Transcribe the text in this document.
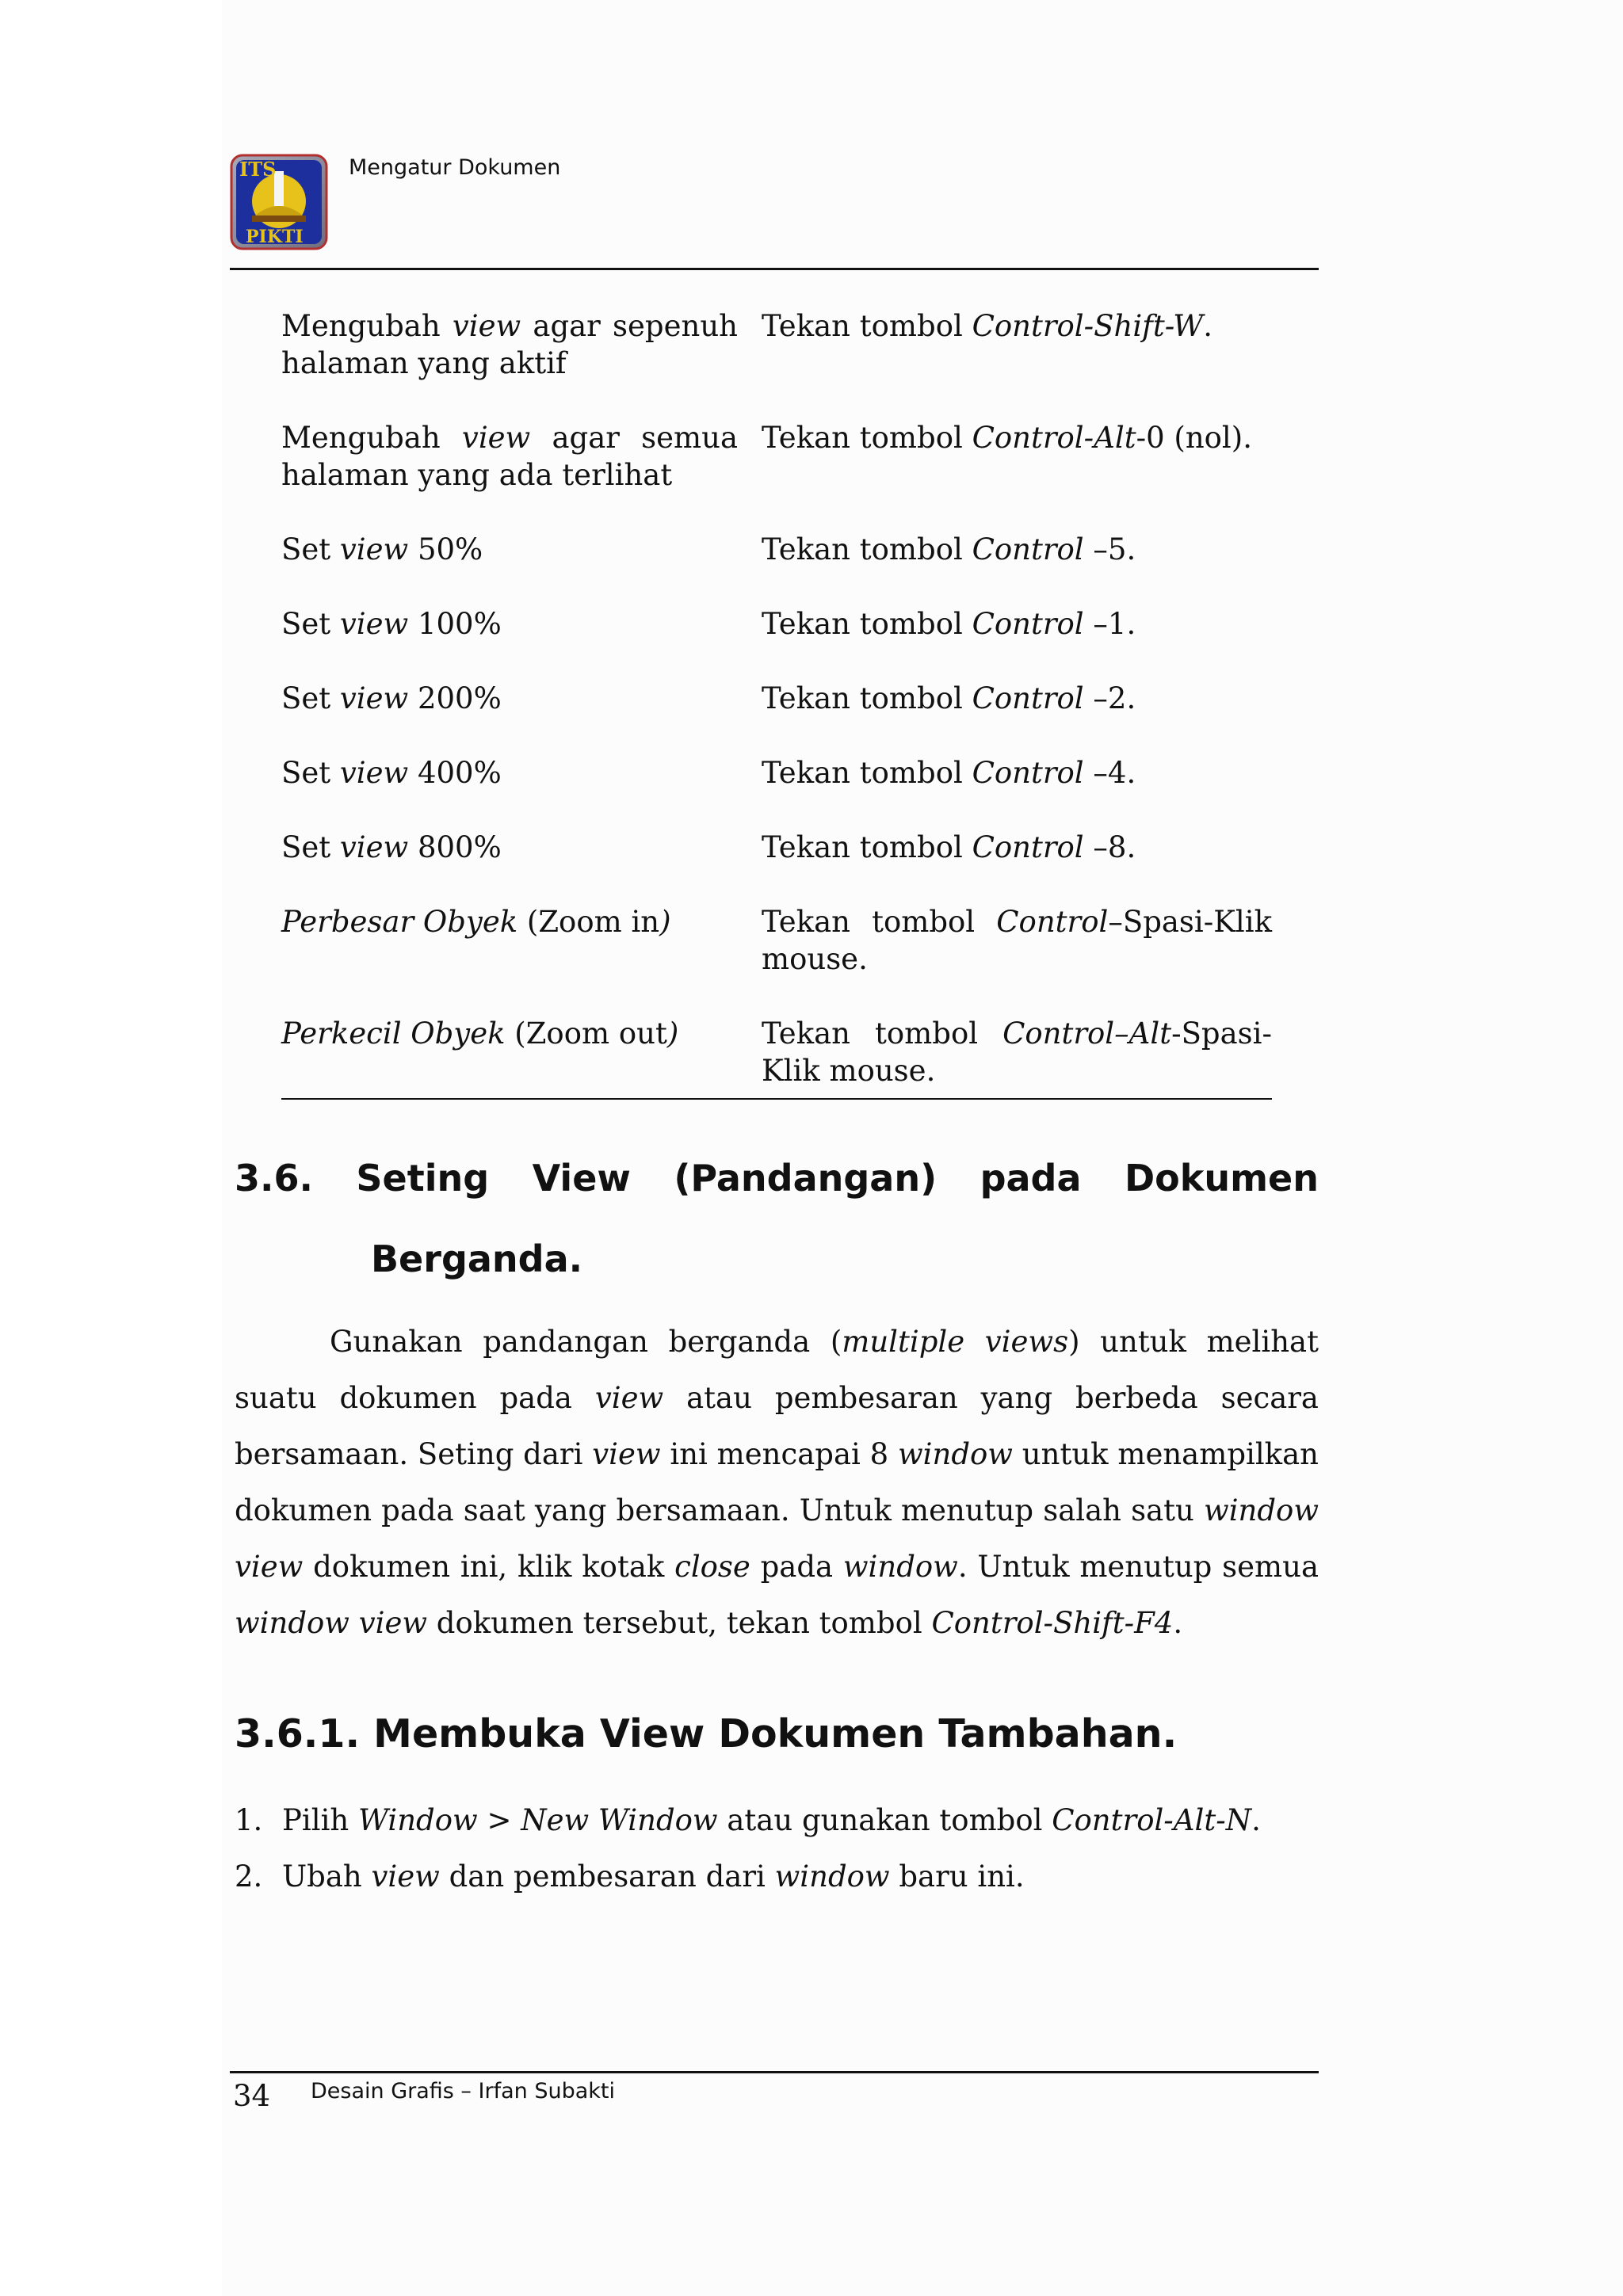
ITS
PIKTI
Mengatur Dokumen
Mengubah view agar sepenuh halaman yang aktif	Tekan tombol Control-Shift-W.
Mengubah view agar semua halaman yang ada terlihat	Tekan tombol Control-Alt-0 (nol).
Set view 50%	Tekan tombol Control –5.
Set view 100%	Tekan tombol Control –1.
Set view 200%	Tekan tombol Control –2.
Set view 400%	Tekan tombol Control –4.
Set view 800%	Tekan tombol Control –8.
Perbesar Obyek (Zoom in)	Tekan tombol Control–Spasi-Klik mouse.
Perkecil Obyek (Zoom out)	Tekan tombol Control–Alt-Spasi-Klik mouse.
3.6. Seting View (Pandangan) pada Dokumen
Berganda.

Gunakan pandangan berganda (multiple views) untuk melihat suatu dokumen pada view atau pembesaran yang berbeda secara bersamaan. Seting dari view ini mencapai 8 window untuk menampilkan dokumen pada saat yang bersamaan. Untuk menutup salah satu window view dokumen ini, klik kotak close pada window. Untuk menutup semua window view dokumen tersebut, tekan tombol Control-Shift-F4.

3.6.1. Membuka View Dokumen Tambahan.
1. Pilih Window > New Window atau gunakan tombol Control-Alt-N.
2. Ubah view dan pembesaran dari window baru ini.
34 Desain Grafis – Irfan Subakti
